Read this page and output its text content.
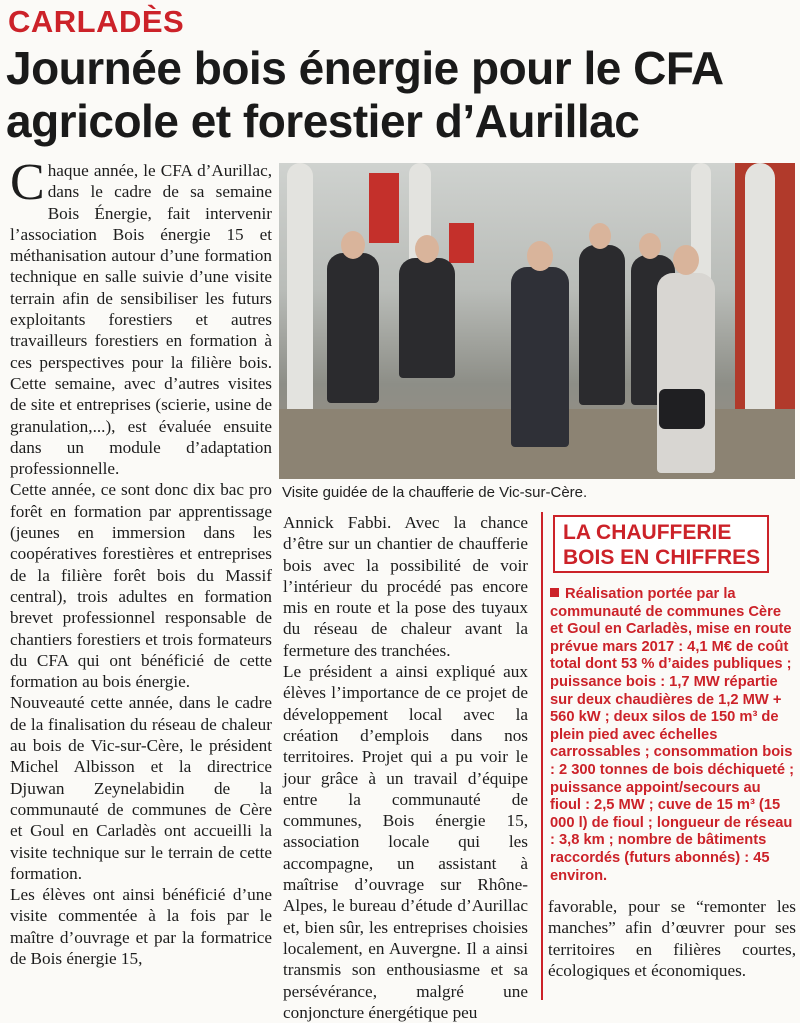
CARLADÈS
Journée bois énergie pour le CFA agricole et forestier d’Aurillac

Chaque année, le CFA d’Aurillac, dans le cadre de sa semaine Bois Énergie, fait intervenir l’association Bois énergie 15 et méthanisation autour d’une formation technique en salle suivie d’une visite terrain afin de sensibiliser les futurs exploitants forestiers et autres travailleurs forestiers en formation à ces perspectives pour la filière bois. Cette semaine, avec d’autres visites de site et entreprises (scierie, usine de granulation,...), est évaluée ensuite dans un module d’adaptation professionnelle.

Cette année, ce sont donc dix bac pro forêt en formation par apprentissage (jeunes en immersion dans les coopératives forestières et entreprises de la filière forêt bois du Massif central), trois adultes en formation brevet professionnel responsable de chantiers forestiers et trois formateurs du CFA qui ont bénéficié de cette formation au bois énergie.

Nouveauté cette année, dans le cadre de la finalisation du réseau de chaleur au bois de Vic-sur-Cère, le président Michel Albisson et la directrice Djuwan Zeynelabidin de la communauté de communes de Cère et Goul en Carladès ont accueilli la visite technique sur le terrain de cette formation.

Les élèves ont ainsi bénéficié d’une visite commentée à la fois par le maître d’ouvrage et par la formatrice de Bois énergie 15,

Visite guidée de la chaufferie de Vic-sur-Cère.

Annick Fabbi. Avec la chance d’être sur un chantier de chaufferie bois avec la possibilité de voir l’intérieur du procédé pas encore mis en route et la pose des tuyaux du réseau de chaleur avant la fermeture des tranchées.

Le président a ainsi expliqué aux élèves l’importance de ce projet de développement local avec la création d’emplois dans nos territoires. Projet qui a pu voir le jour grâce à un travail d’équipe entre la communauté de communes, Bois énergie 15, association locale qui les accompagne, un assistant à maîtrise d’ouvrage sur Rhône-Alpes, le bureau d’étude d’Aurillac et, bien sûr, les entreprises choisies localement, en Auvergne. Il a ainsi transmis son enthousiasme et sa persévérance, malgré une conjoncture énergétique peu

LA CHAUFFERIE
BOIS EN CHIFFRES
Réalisation portée par la communauté de communes Cère et Goul en Carladès, mise en route prévue mars 2017 : 4,1 M€ de coût total dont 53 % d’aides publiques ; puissance bois : 1,7 MW répartie sur deux chaudières de 1,2 MW + 560 kW ; deux silos de 150 m³ de plein pied avec échelles carrossables ; consommation bois : 2 300 tonnes de bois déchiqueté ; puissance appoint/secours au fioul : 2,5 MW ; cuve de 15 m³ (15 000 l) de fioul ; longueur de réseau : 3,8 km ; nombre de bâtiments raccordés (futurs abonnés) : 45 environ.

favorable, pour se “remonter les manches” afin d’œuvrer pour ses territoires en filières courtes, écologiques et économiques.
